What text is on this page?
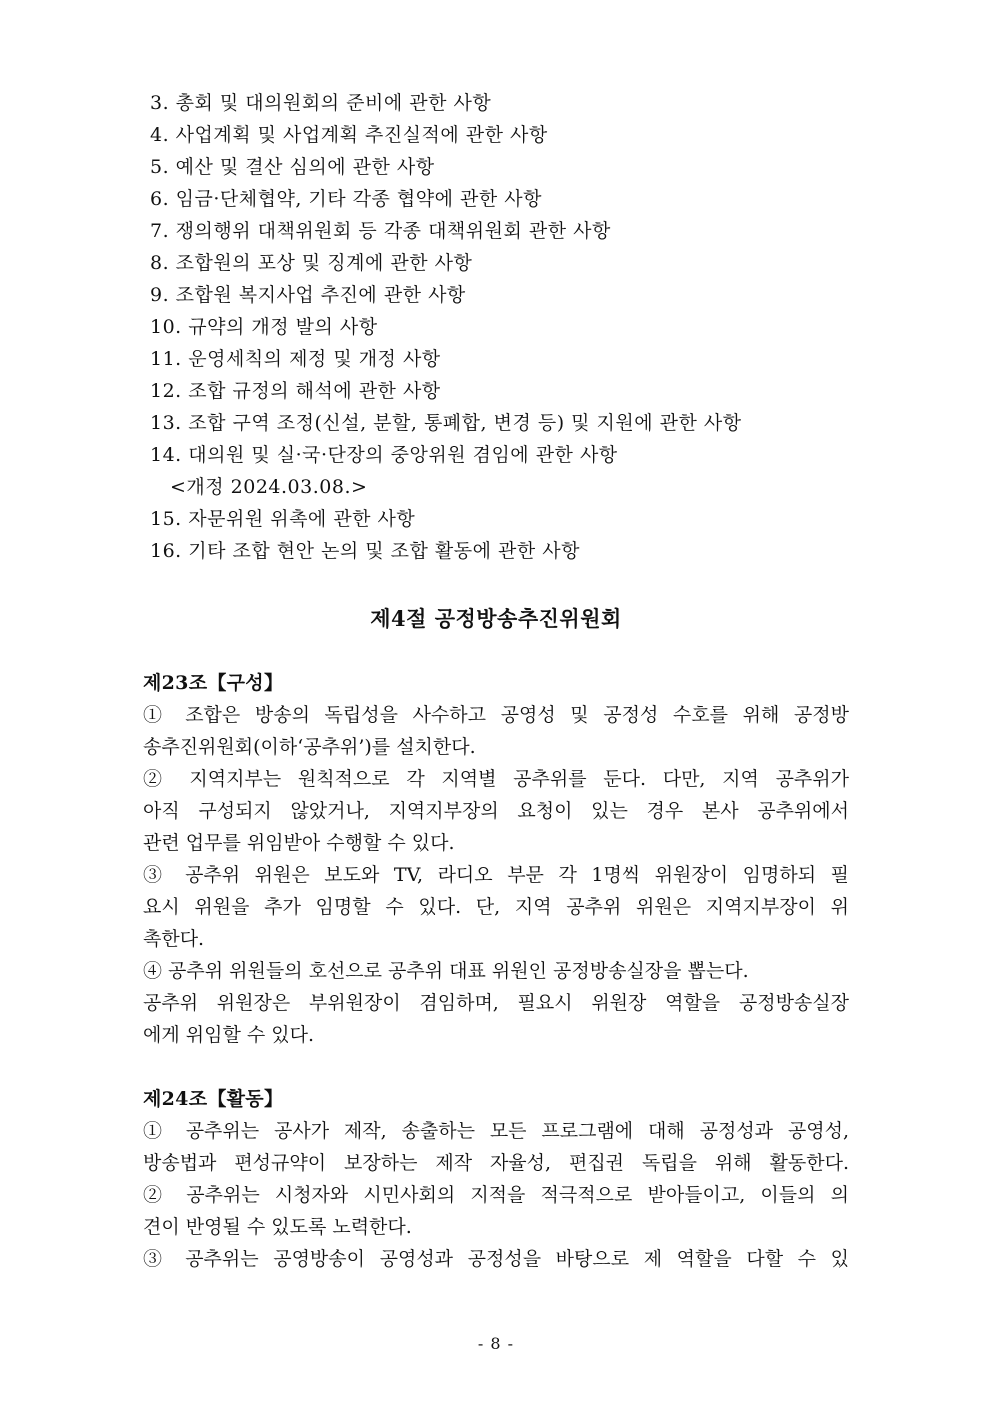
3. 총회 및 대의원회의 준비에 관한 사항
4. 사업계획 및 사업계획 추진실적에 관한 사항
5. 예산 및 결산 심의에 관한 사항
6. 임금·단체협약, 기타 각종 협약에 관한 사항
7. 쟁의행위 대책위원회 등 각종 대책위원회 관한 사항
8. 조합원의 포상 및 징계에 관한 사항
9. 조합원 복지사업 추진에 관한 사항
10. 규약의 개정 발의 사항
11. 운영세칙의 제정 및 개정 사항
12. 조합 규정의 해석에 관한 사항
13. 조합 구역 조정(신설, 분할, 통폐합, 변경 등) 및 지원에 관한 사항
14. 대의원 및 실·국·단장의 중앙위원 겸임에 관한 사항
<개정 2024.03.08.>
15. 자문위원 위촉에 관한 사항
16. 기타 조합 현안 논의 및 조합 활동에 관한 사항
제4절 공정방송추진위원회
제23조【구성】
① 조합은 방송의 독립성을 사수하고 공영성 및 공정성 수호를 위해 공정방
송추진위원회(이하‘공추위’)를 설치한다.
② 지역지부는 원칙적으로 각 지역별 공추위를 둔다. 다만, 지역 공추위가
아직 구성되지 않았거나, 지역지부장의 요청이 있는 경우 본사 공추위에서
관련 업무를 위임받아 수행할 수 있다.
③ 공추위 위원은 보도와 TV, 라디오 부문 각 1명씩 위원장이 임명하되 필
요시 위원을 추가 임명할 수 있다. 단, 지역 공추위 위원은 지역지부장이 위
촉한다.
④ 공추위 위원들의 호선으로 공추위 대표 위원인 공정방송실장을 뽑는다.
공추위 위원장은 부위원장이 겸임하며, 필요시 위원장 역할을 공정방송실장
에게 위임할 수 있다.
제24조【활동】
① 공추위는 공사가 제작, 송출하는 모든 프로그램에 대해 공정성과 공영성,
방송법과 편성규약이 보장하는 제작 자율성, 편집권 독립을 위해 활동한다.
② 공추위는 시청자와 시민사회의 지적을 적극적으로 받아들이고, 이들의 의
견이 반영될 수 있도록 노력한다.
③ 공추위는 공영방송이 공영성과 공정성을 바탕으로 제 역할을 다할 수 있
- 8 -
